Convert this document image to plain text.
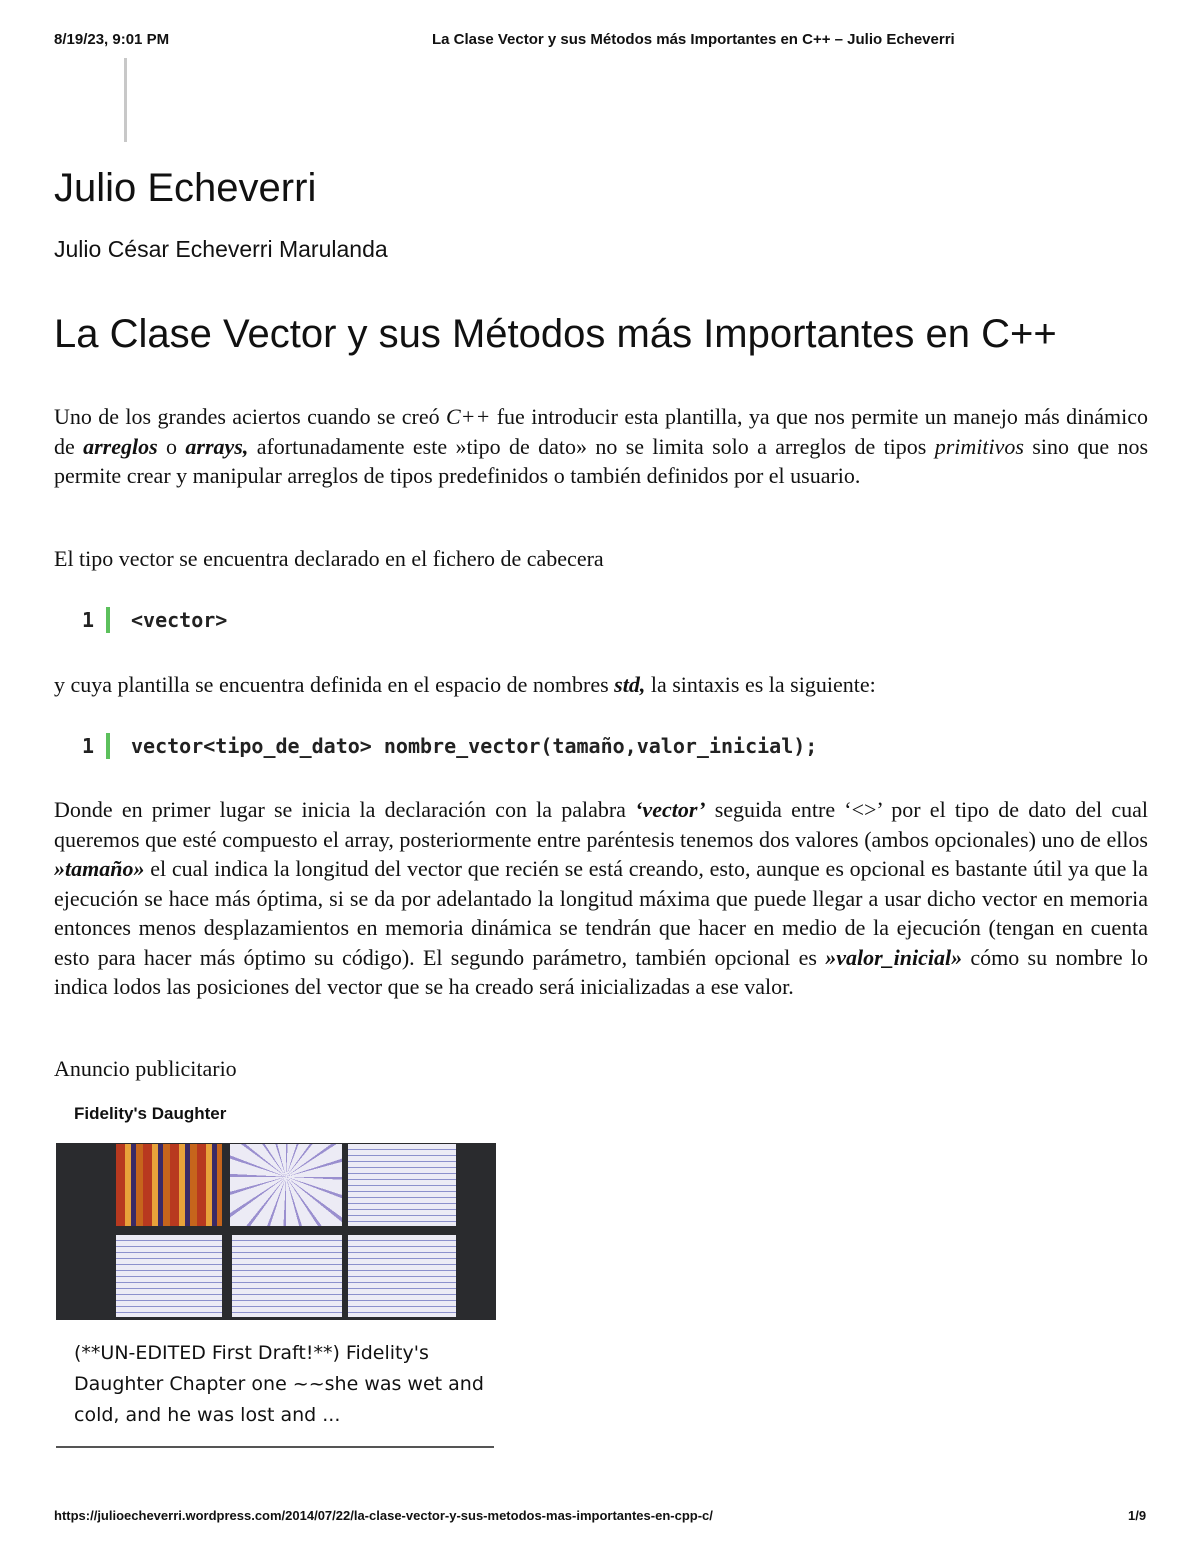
8/19/23, 9:01 PM	La Clase Vector y sus Métodos más Importantes en C++ – Julio Echeverri
Julio Echeverri
Julio César Echeverri Marulanda
La Clase Vector y sus Métodos más Importantes en C++

Uno de los grandes aciertos cuando se creó C++ fue introducir esta plantilla, ya que nos permite un manejo más dinámico de arreglos o arrays, afortunadamente este »tipo de dato» no se limita solo a arreglos de tipos primitivos sino que nos permite crear y manipular arreglos de tipos predefinidos o también definidos por el usuario.

El tipo vector se encuentra declarado en el fichero de cabecera

1 <vector>

y cuya plantilla se encuentra definida en el espacio de nombres std, la sintaxis es la siguiente:

1 vector<tipo_de_dato> nombre_vector(tamaño,valor_inicial);

Donde en primer lugar se inicia la declaración con la palabra ‘vector’ seguida entre ‘<>’ por el tipo de dato del cual queremos que esté compuesto el array, posteriormente entre paréntesis tenemos dos valores (ambos opcionales) uno de ellos »tamaño» el cual indica la longitud del vector que recién se está creando, esto, aunque es opcional es bastante útil ya que la ejecución se hace más óptima, si se da por adelantado la longitud máxima que puede llegar a usar dicho vector en memoria entonces menos desplazamientos en memoria dinámica se tendrán que hacer en medio de la ejecución (tengan en cuenta esto para hacer más óptimo su código). El segundo parámetro, también opcional es »valor_inicial» cómo su nombre lo indica lodos las posiciones del vector que se ha creado será inicializadas a ese valor.

Anuncio publicitario
Fidelity's Daughter
(**UN-EDITED First Draft!**) Fidelity's
Daughter Chapter one ~~she was wet and
cold, and he was lost and ...
https://julioecheverri.wordpress.com/2014/07/22/la-clase-vector-y-sus-metodos-mas-importantes-en-cpp-c/	1/9
